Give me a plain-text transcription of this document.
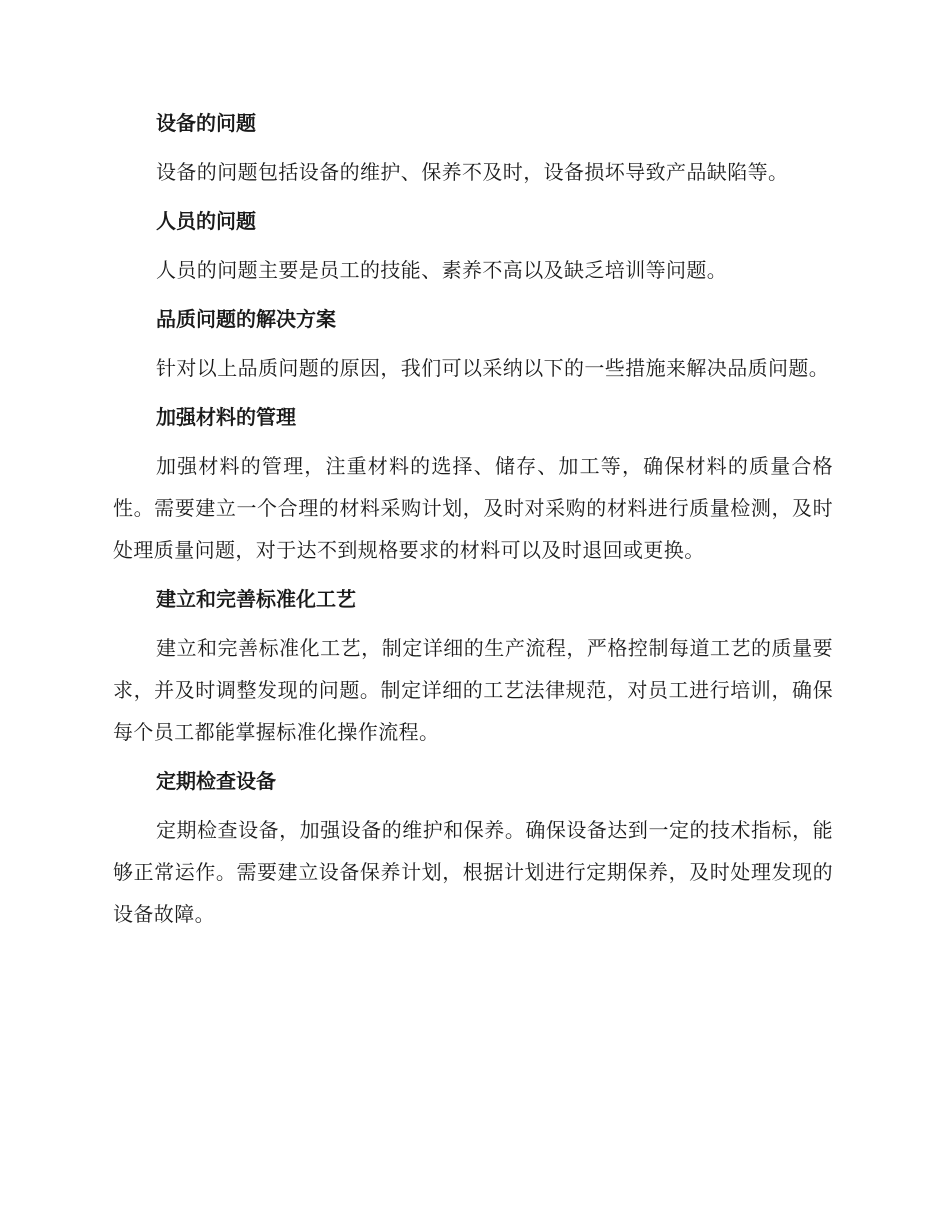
设备的问题

设备的问题包括设备的维护、保养不及时，设备损坏导致产品缺陷等。

人员的问题

人员的问题主要是员工的技能、素养不高以及缺乏培训等问题。

品质问题的解决方案

针对以上品质问题的原因，我们可以采纳以下的一些措施来解决品质问题。

加强材料的管理

加强材料的管理，注重材料的选择、储存、加工等，确保材料的质量合格性。需要建立一个合理的材料采购计划，及时对采购的材料进行质量检测，及时处理质量问题，对于达不到规格要求的材料可以及时退回或更换。

建立和完善标准化工艺

建立和完善标准化工艺，制定详细的生产流程，严格控制每道工艺的质量要求，并及时调整发现的问题。制定详细的工艺法律规范，对员工进行培训，确保每个员工都能掌握标准化操作流程。

定期检查设备

定期检查设备，加强设备的维护和保养。确保设备达到一定的技术指标，能够正常运作。需要建立设备保养计划，根据计划进行定期保养，及时处理发现的设备故障。
